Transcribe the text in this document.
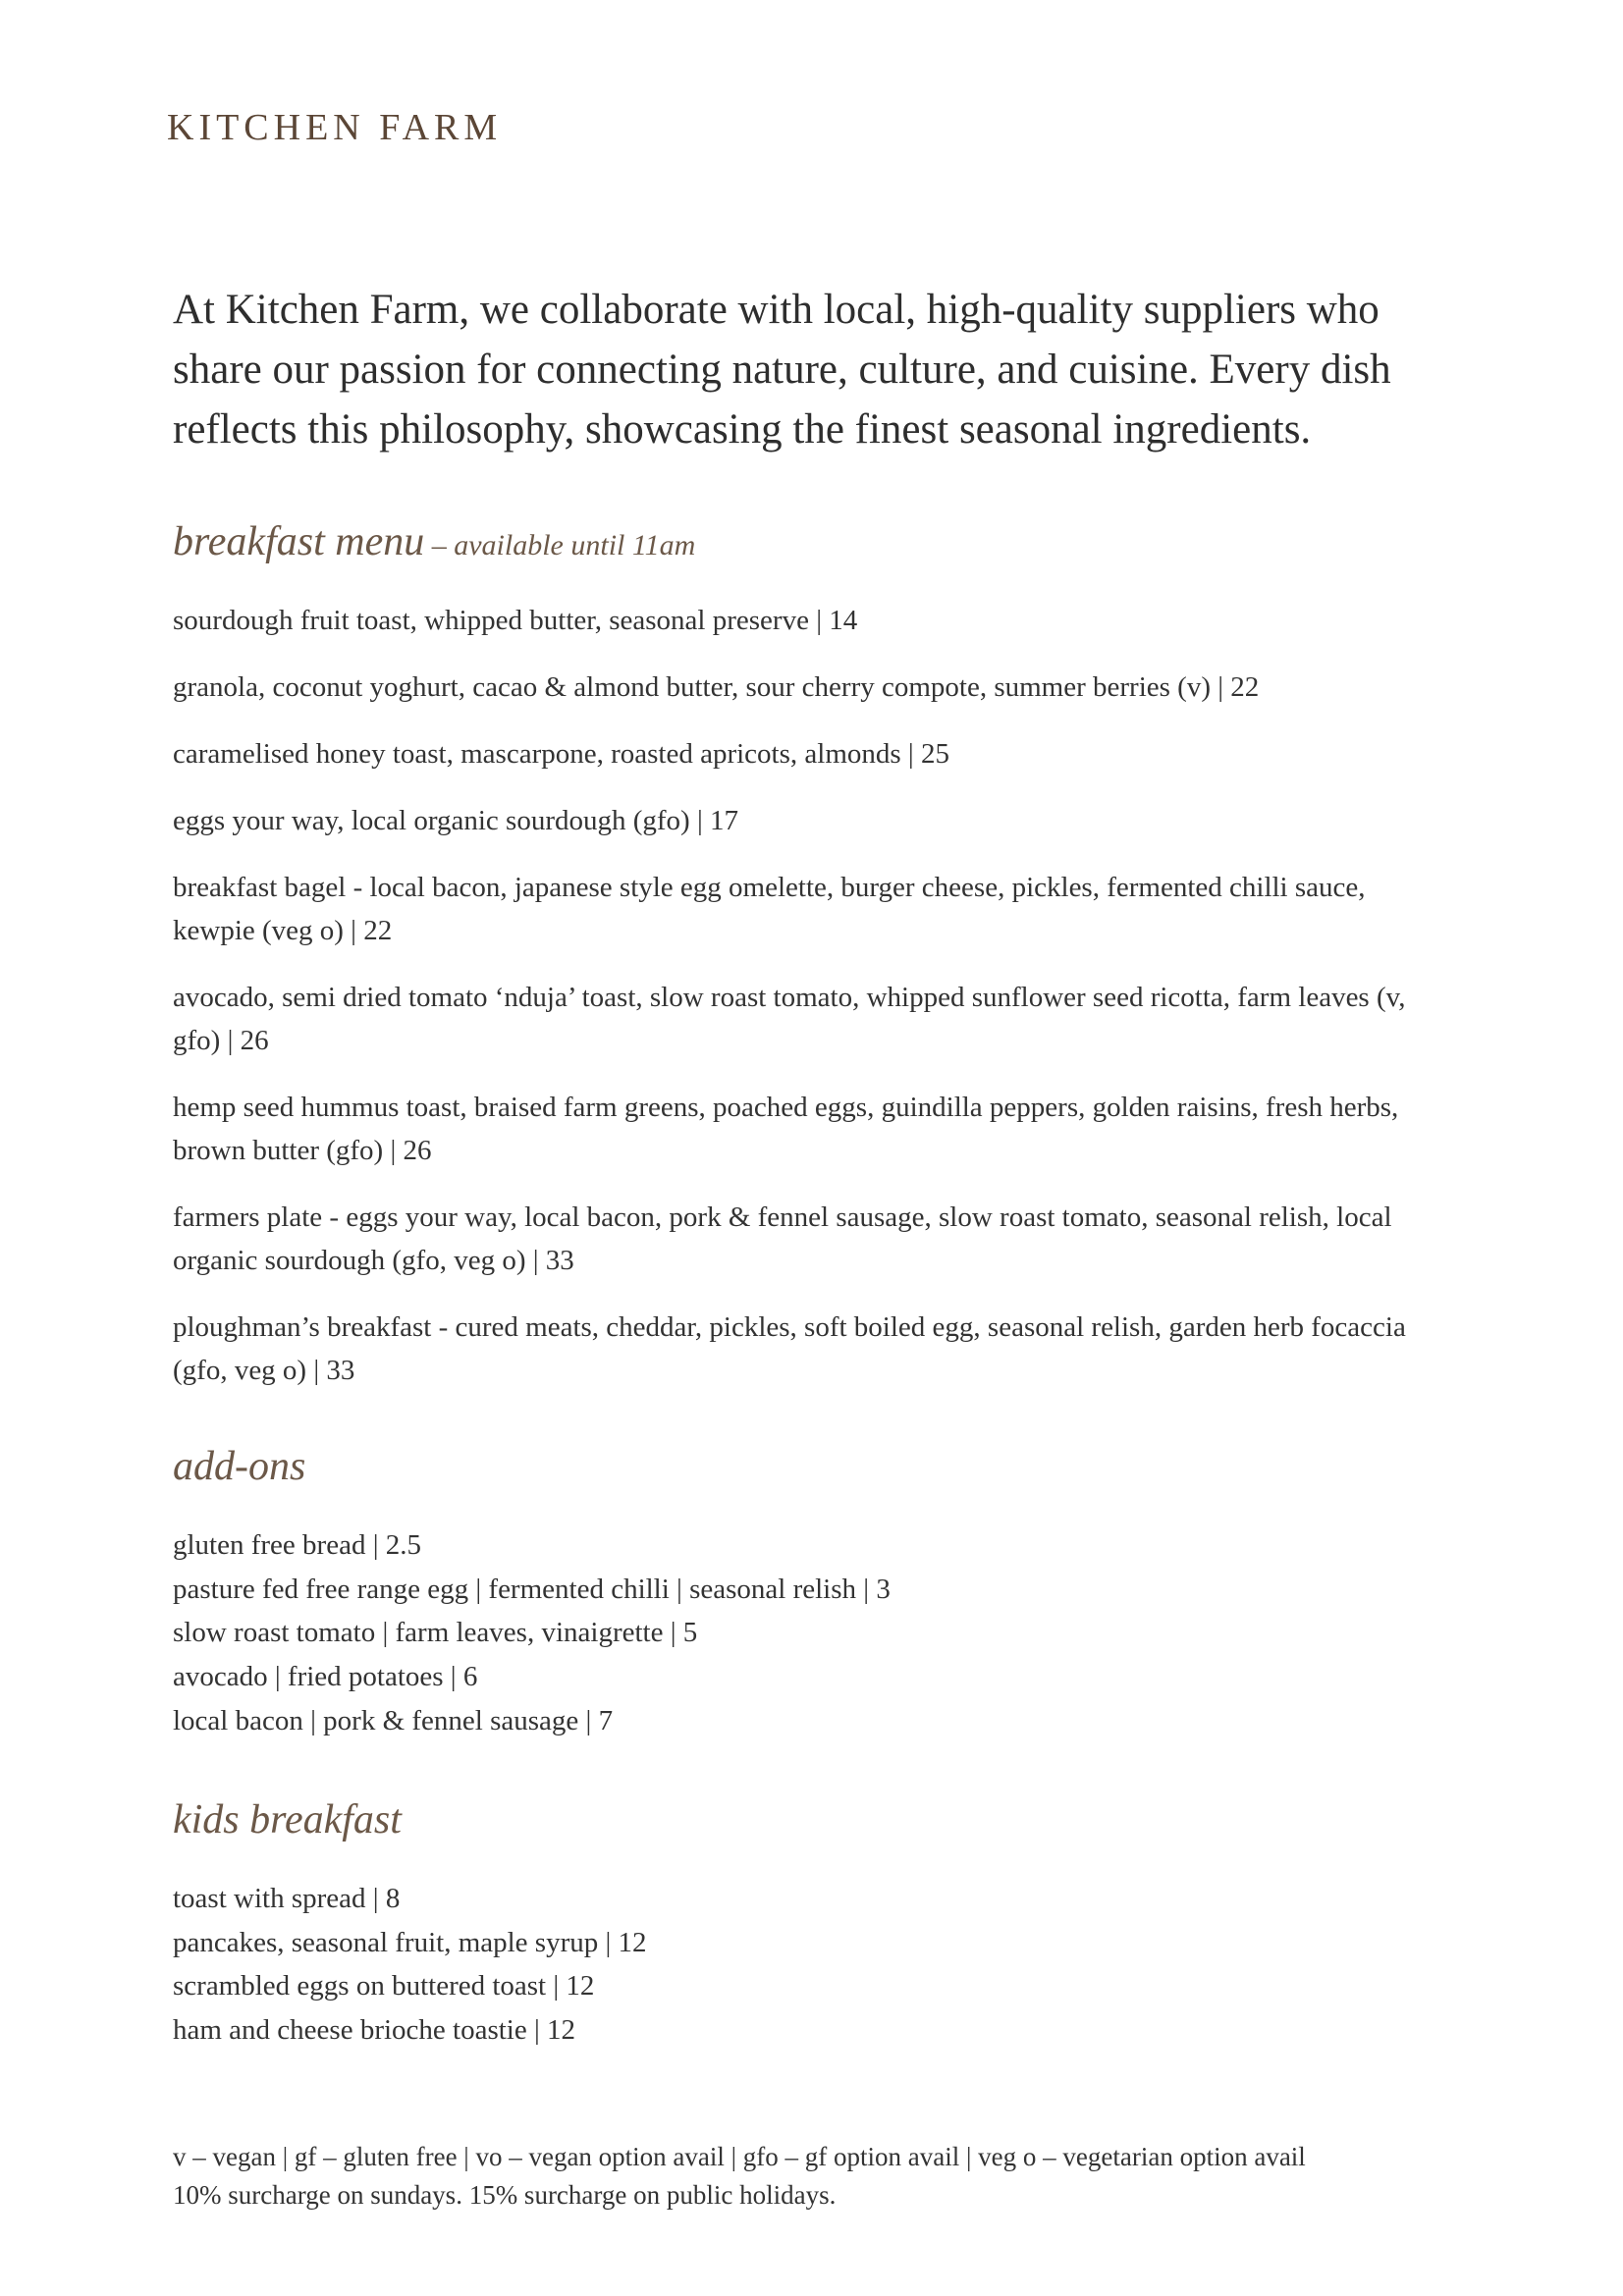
KITCHEN FARM
At Kitchen Farm, we collaborate with local, high-quality suppliers who share our passion for connecting nature, culture, and cuisine. Every dish reflects this philosophy, showcasing the finest seasonal ingredients.
breakfast menu – available until 11am
sourdough fruit toast, whipped butter, seasonal preserve | 14
granola, coconut yoghurt, cacao & almond butter, sour cherry compote, summer berries (v) | 22
caramelised honey toast, mascarpone, roasted apricots, almonds | 25
eggs your way, local organic sourdough (gfo) | 17
breakfast bagel - local bacon, japanese style egg omelette, burger cheese, pickles, fermented chilli sauce, kewpie (veg o) | 22
avocado, semi dried tomato ‘nduja’ toast, slow roast tomato, whipped sunflower seed ricotta, farm leaves (v, gfo) | 26
hemp seed hummus toast, braised farm greens, poached eggs, guindilla peppers, golden raisins, fresh herbs, brown butter (gfo) | 26
farmers plate - eggs your way, local bacon, pork & fennel sausage, slow roast tomato, seasonal relish, local organic sourdough (gfo, veg o) | 33
ploughman’s breakfast - cured meats, cheddar, pickles, soft boiled egg, seasonal relish, garden herb focaccia (gfo, veg o) | 33
add-ons
gluten free bread | 2.5
pasture fed free range egg | fermented chilli | seasonal relish | 3
slow roast tomato | farm leaves, vinaigrette | 5
avocado | fried potatoes | 6
local bacon | pork & fennel sausage | 7
kids breakfast
toast with spread | 8
pancakes, seasonal fruit, maple syrup | 12
scrambled eggs on buttered toast | 12
ham and cheese brioche toastie | 12
v – vegan | gf – gluten free | vo – vegan option avail | gfo – gf option avail | veg o – vegetarian option avail
10% surcharge on sundays. 15% surcharge on public holidays.
